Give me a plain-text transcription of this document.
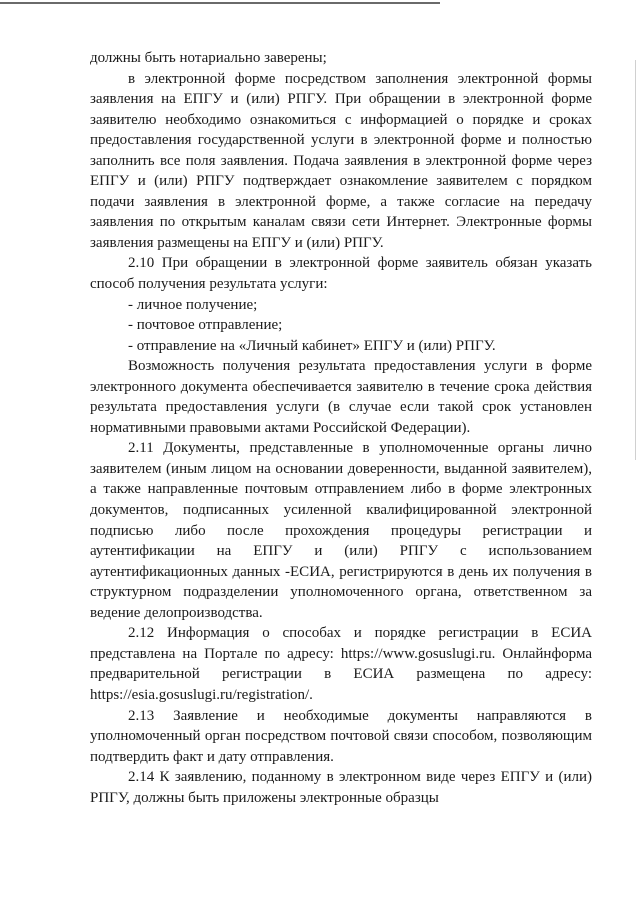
должны быть нотариально заверены;

в электронной форме посредством заполнения электронной формы заявления на ЕПГУ и (или) РПГУ. При обращении в электронной форме заявителю необходимо ознакомиться с информацией о порядке и сроках предоставления государственной услуги в электронной форме и полностью заполнить все поля заявления. Подача заявления в электронной форме через ЕПГУ и (или) РПГУ подтверждает ознакомление заявителем с порядком подачи заявления в электронной форме, а также согласие на передачу заявления по открытым каналам связи сети Интернет. Электронные формы заявления размещены на ЕПГУ и (или) РПГУ.

2.10 При обращении в электронной форме заявитель обязан указать способ получения результата услуги:

- личное получение;

- почтовое отправление;

- отправление на «Личный кабинет» ЕПГУ и (или) РПГУ.

Возможность получения результата предоставления услуги в форме электронного документа обеспечивается заявителю в течение срока действия результата предоставления услуги (в случае если такой срок установлен нормативными правовыми актами Российской Федерации).

2.11 Документы, представленные в уполномоченные органы лично заявителем (иным лицом на основании доверенности, выданной заявителем), а также направленные почтовым отправлением либо в форме электронных документов, подписанных усиленной квалифицированной электронной подписью либо после прохождения процедуры регистрации и аутентификации на ЕПГУ и (или) РПГУ с использованием аутентификационных данных -ЕСИА, регистрируются в день их получения в структурном подразделении уполномоченного органа, ответственном за ведение делопроизводства.

2.12 Информация о способах и порядке регистрации в ЕСИА представлена на Портале по адресу: https://www.gosuslugi.ru. Онлайнформа предварительной регистрации в ЕСИА размещена по адресу: https://esia.gosuslugi.ru/registration/.

2.13 Заявление и необходимые документы направляются в уполномоченный орган посредством почтовой связи способом, позволяющим подтвердить факт и дату отправления.

2.14 К заявлению, поданному в электронном виде через ЕПГУ и (или) РПГУ, должны быть приложены электронные образцы
